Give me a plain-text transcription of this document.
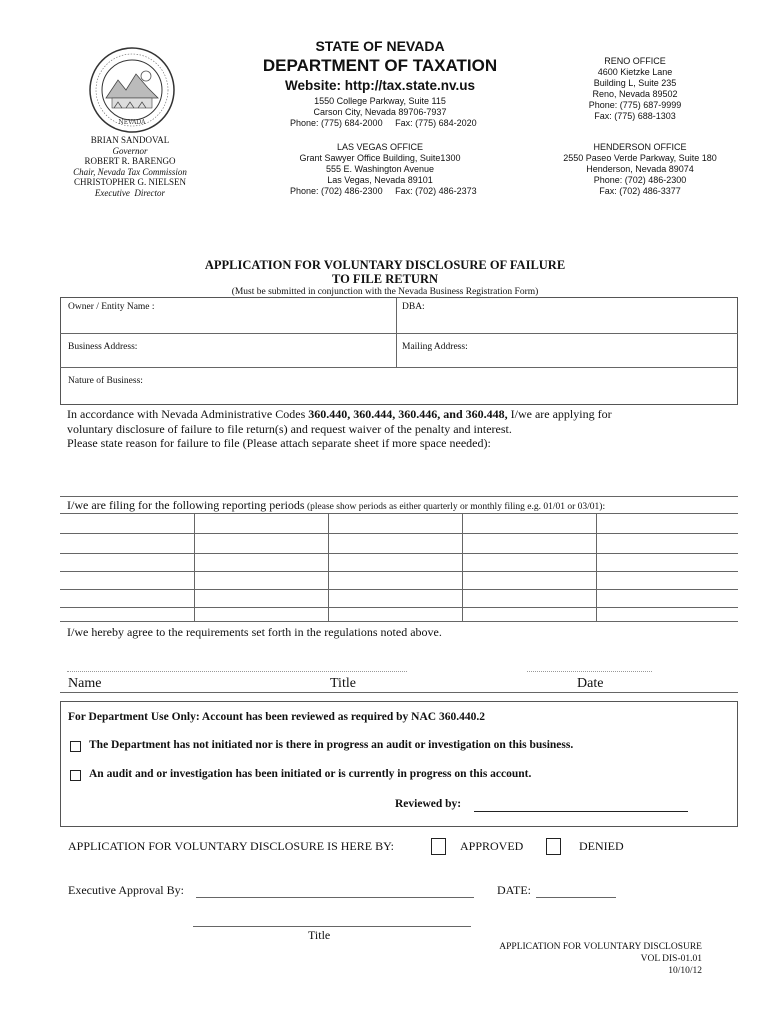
NEVADA
STATE OF NEVADA
DEPARTMENT OF TAXATION
Website: http://tax.state.nv.us
1550 College Parkway, Suite 115
Carson City, Nevada 89706-7937
Phone: (775) 684-2000     Fax: (775) 684-2020
RENO OFFICE
4600 Kietzke Lane
Building L, Suite 235
Reno, Nevada 89502
Phone: (775) 687-9999
Fax: (775) 688-1303
LAS VEGAS OFFICE
Grant Sawyer Office Building, Suite1300
555 E. Washington Avenue
Las Vegas, Nevada 89101
Phone: (702) 486-2300     Fax: (702) 486-2373
HENDERSON OFFICE
2550 Paseo Verde Parkway, Suite 180
Henderson, Nevada 89074
Phone: (702) 486-2300
Fax: (702) 486-3377
BRIAN SANDOVAL
Governor
ROBERT R. BARENGO
Chair, Nevada Tax Commission
CHRISTOPHER G. NIELSEN
Executive  Director
APPLICATION FOR VOLUNTARY DISCLOSURE OF FAILURE
TO FILE RETURN
(Must be submitted in conjunction with the Nevada Business Registration Form)
Owner / Entity Name :	DBA:
Business Address:	Mailing Address:
Nature of Business:
In accordance with Nevada Administrative Codes 360.440, 360.444, 360.446, and 360.448, I/we are applying for
voluntary disclosure of failure to file return(s) and request waiver of the penalty and interest.
Please state reason for failure to file (Please attach separate sheet if more space needed):
I/we are filing for the following reporting periods (please show periods as either quarterly or monthly filing e.g. 01/01 or 03/01):
I/we hereby agree to the requirements set forth in the regulations noted above.
Name	Title	Date
For Department Use Only: Account has been reviewed as required by NAC 360.440.2
The Department has not initiated nor is there in progress an audit or investigation on this business.
An audit and or investigation has been initiated or is currently in progress on this account.
Reviewed by:
APPLICATION FOR VOLUNTARY DISCLOSURE IS HERE BY:	APPROVED	DENIED
Executive Approval By:	DATE:
Title
APPLICATION FOR VOLUNTARY DISCLOSURE
VOL DIS-01.01
10/10/12
